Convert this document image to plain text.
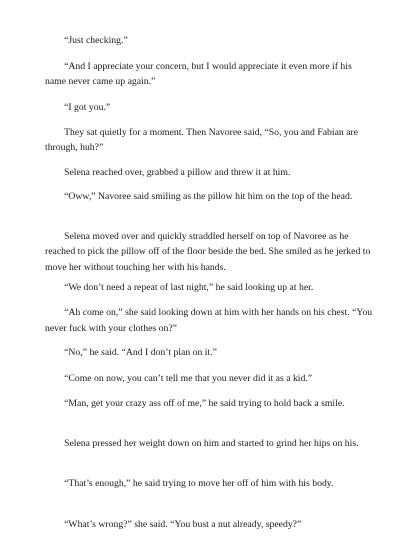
“Just checking.”

“And I appreciate your concern, but I would appreciate it even more if his name never came up again.”

“I got you.”

They sat quietly for a moment. Then Navoree said, “So, you and Fabian are through, huh?”

Selena reached over, grabbed a pillow and threw it at him.

“Oww,” Navoree said smiling as the pillow hit him on the top of the head.

Selena moved over and quickly straddled herself on top of Navoree as he reached to pick the pillow off of the floor beside the bed. She smiled as he jerked to move her without touching her with his hands.

“We don’t need a repeat of last night,” he said looking up at her.

“Ah come on,” she said looking down at him with her hands on his chest. “You never fuck with your clothes on?”

“No,” he said. “And I don’t plan on it.”

“Come on now, you can’t tell me that you never did it as a kid.”

“Man, get your crazy ass off of me,” he said trying to hold back a smile.

Selena pressed her weight down on him and started to grind her hips on his.

“That’s enough,” he said trying to move her off of him with his body.

“What’s wrong?” she said. “You bust a nut already, speedy?”
